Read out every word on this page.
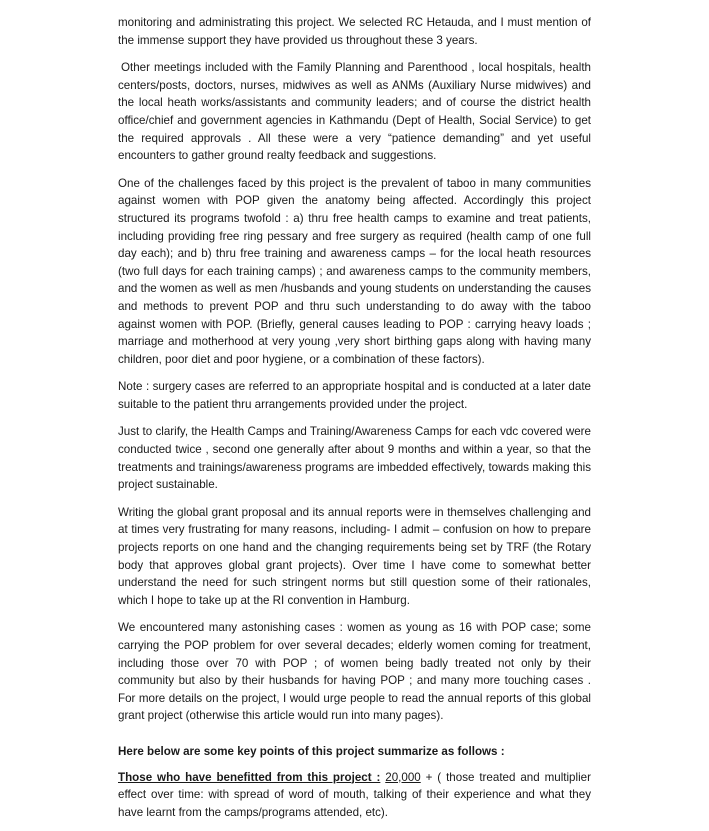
monitoring and administrating this project. We selected RC Hetauda, and I must mention of the immense support they have provided us throughout these 3 years.

Other meetings included with the Family Planning and Parenthood , local hospitals, health centers/posts, doctors, nurses, midwives as well as ANMs (Auxiliary Nurse midwives) and the local heath works/assistants and community leaders; and of course the district health office/chief and government agencies in Kathmandu (Dept of Health, Social Service) to get the required approvals . All these were a very “patience demanding” and yet useful encounters to gather ground realty feedback and suggestions.

One of the challenges faced by this project is the prevalent of taboo in many communities against women with POP given the anatomy being affected. Accordingly this project structured its programs twofold : a) thru free health camps to examine and treat patients, including providing free ring pessary and free surgery as required (health camp of one full day each); and b) thru free training and awareness camps – for the local heath resources (two full days for each training camps) ; and awareness camps to the community members, and the women as well as men /husbands and young students on understanding the causes and methods to prevent POP and thru such understanding to do away with the taboo against women with POP. (Briefly, general causes leading to POP : carrying heavy loads ; marriage and motherhood at very young ,very short birthing gaps along with having many children, poor diet and poor hygiene, or a combination of these factors).

Note : surgery cases are referred to an appropriate hospital and is conducted at a later date suitable to the patient thru arrangements provided under the project.

Just to clarify, the Health Camps and Training/Awareness Camps for each vdc covered were conducted twice , second one generally after about 9 months and within a year, so that the treatments and trainings/awareness programs are imbedded effectively, towards making this project sustainable.

Writing the global grant proposal and its annual reports were in themselves challenging and at times very frustrating for many reasons, including- I admit – confusion on how to prepare projects reports on one hand and the changing requirements being set by TRF (the Rotary body that approves global grant projects). Over time I have come to somewhat better understand the need for such stringent norms but still question some of their rationales, which I hope to take up at the RI convention in Hamburg.

We encountered many astonishing cases : women as young as 16 with POP case; some carrying the POP problem for over several decades; elderly women coming for treatment, including those over 70 with POP ; of women being badly treated not only by their community but also by their husbands for having POP ; and many more touching cases . For more details on the project, I would urge people to read the annual reports of this global grant project (otherwise this article would run into many pages).

Here below are some key points of this project summarize as follows :

Those who have benefitted from this project : 20,000 + ( those treated and multiplier effect over time: with spread of word of mouth, talking of their experience and what they have learnt from the camps/programs attended, etc).
